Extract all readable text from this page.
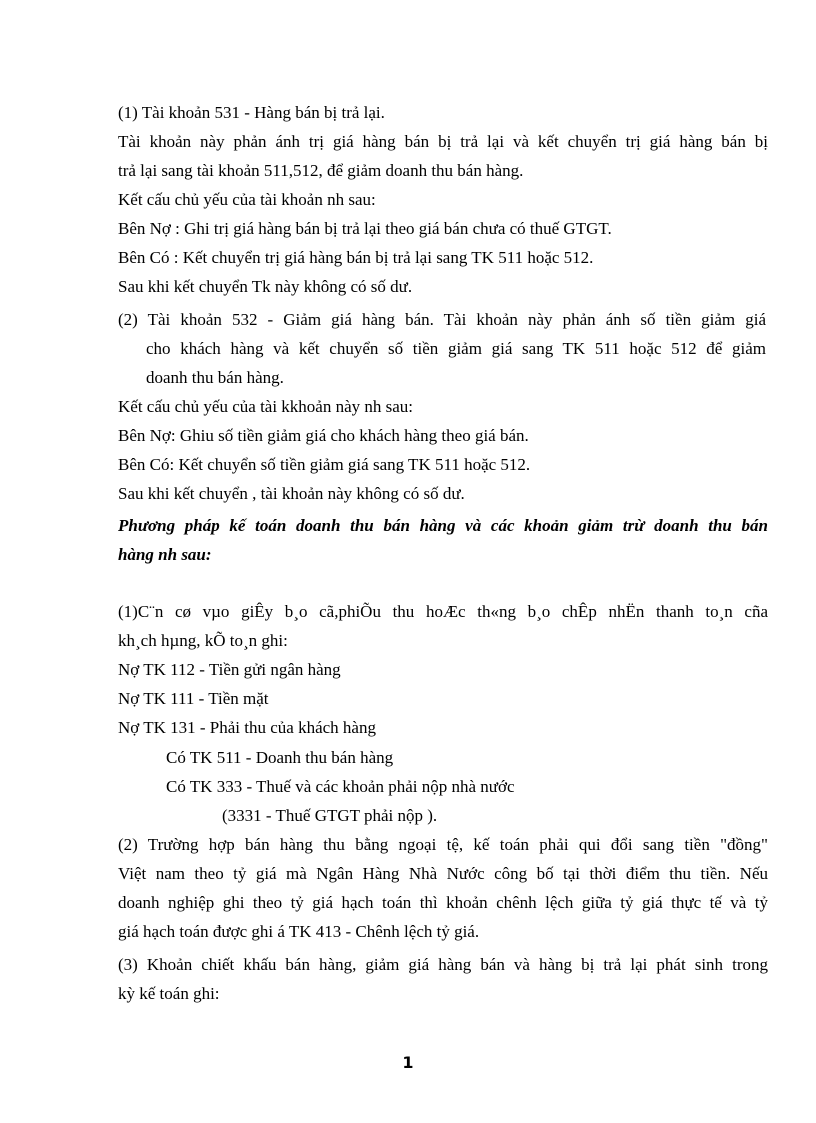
(1) Tài khoản 531 - Hàng bán bị trả lại.
Tài khoản này phản ánh trị giá hàng bán bị trả lại và kết chuyển trị giá hàng bán bị
trả lại sang tài khoản 511,512, để giảm doanh thu bán hàng.
Kết cấu chủ yếu của tài khoản nh sau:
Bên Nợ : Ghi trị giá hàng bán bị trả lại theo giá bán chưa có thuế GTGT.
Bên Có : Kết chuyển trị giá hàng bán bị trả lại sang TK 511 hoặc 512.
Sau khi kết chuyển Tk này không có số dư.
(2) Tài khoản 532 - Giảm giá hàng bán. Tài khoản này phản ánh số tiền giảm giá
cho khách hàng và kết chuyển số tiền giảm giá sang TK 511 hoặc 512 để giảm
doanh thu bán hàng.
Kết cấu chủ yếu của tài kkhoản này nh sau:
Bên Nợ: Ghiu số tiền giảm giá cho khách hàng theo giá bán.
Bên Có: Kết chuyển số tiền giảm giá sang TK 511 hoặc 512.
Sau khi kết chuyển , tài khoản này không có số dư.
Phương pháp kế toán doanh thu bán hàng và các khoản giảm trừ doanh thu bán
hàng nh sau:
(1)C¨n cø vµo giÊy b¸o cã,phiÕu thu hoÆc th«ng b¸o chÊp nhËn thanh to¸n cña
kh¸ch hµng, kÕ to¸n ghi:
Nợ TK 112 - Tiền gửi ngân hàng
Nợ TK 111 - Tiền mặt
Nợ TK 131 - Phải thu của khách hàng
Có TK 511 - Doanh thu bán hàng
Có TK 333 - Thuế và các khoản phải nộp nhà nước
(3331 - Thuế GTGT phải nộp ).
(2) Trường hợp bán hàng thu bằng ngoại tệ, kế toán phải qui đổi sang tiền "đồng"
Việt nam theo tỷ giá mà Ngân Hàng Nhà Nước công bố tại thời điểm thu tiền. Nếu
doanh nghiệp ghi theo tỷ giá hạch toán thì khoản chênh lệch giữa tỷ giá thực tế và tỷ
giá hạch toán được ghi á TK 413 - Chênh lệch tỷ giá.
(3) Khoản chiết khấu bán hàng, giảm giá hàng bán và hàng bị trả lại phát sinh trong
kỳ kế toán ghi:
1
